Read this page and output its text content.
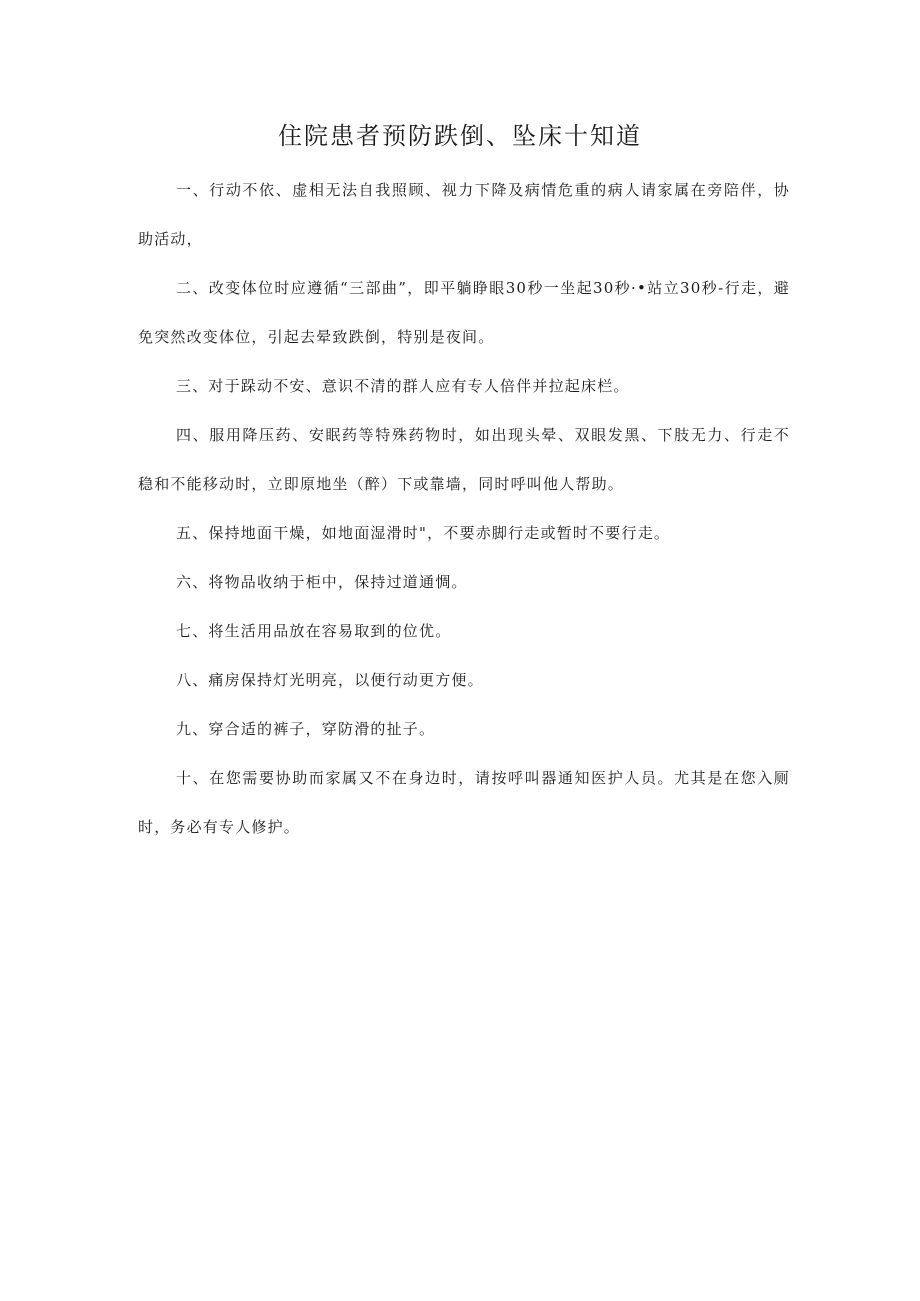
住院患者预防跌倒、坠床十知道

一、行动不依、虚相无法自我照顾、视力下降及病情危重的病人请家属在旁陪伴，协助活动，

二、改变体位时应遵循“三部曲”，即平躺睁眼30秒一坐起30秒·•站立30秒-行走，避免突然改变体位，引起去晕致跌倒，特别是夜间。

三、对于跺动不安、意识不清的群人应有专人倍伴并拉起床栏。

四、服用降压药、安眠药等特殊药物时，如出现头晕、双眼发黑、下肢无力、行走不稳和不能移动时，立即原地坐（醉）下或靠墙，同时呼叫他人帮助。

五、保持地面干燥，如地面湿滑时"，不要赤脚行走或暂时不要行走。

六、将物品收纳于柜中，保持过道通惆。

七、将生活用品放在容易取到的位优。

八、痛房保持灯光明亮，以便行动更方便。

九、穿合适的裤子，穿防滑的扯子。

十、在您需要协助而家属又不在身边时，请按呼叫器通知医护人员。尤其是在您入厕时，务必有专人修护。
